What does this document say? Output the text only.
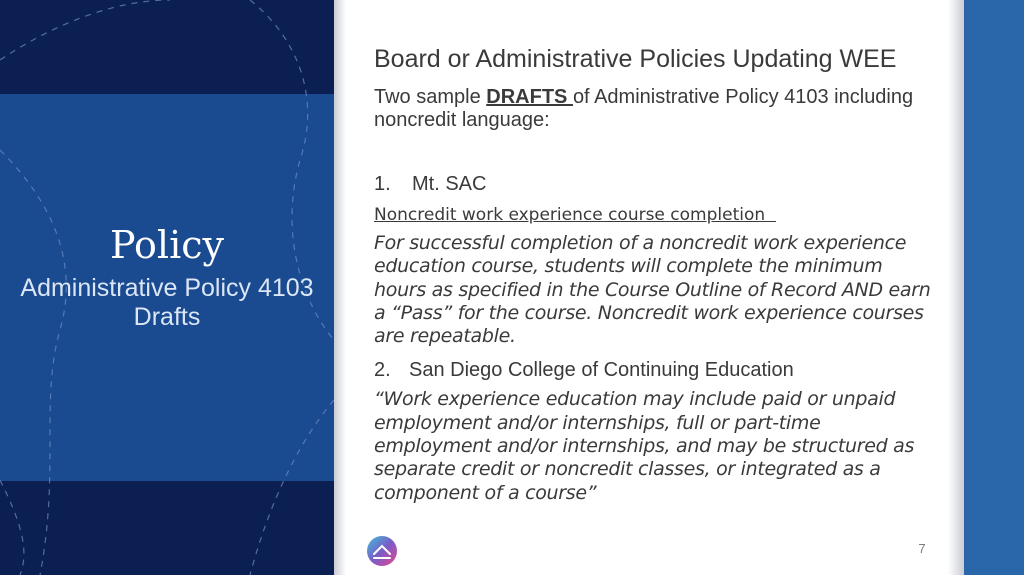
Policy
Administrative Policy 4103 Drafts

Board or Administrative Policies Updating WEE

Two sample DRAFTS of Administrative Policy 4103 including noncredit language:

1. Mt. SAC

Noncredit work experience course completion

For successful completion of a noncredit work experience education course, students will complete the minimum hours as specified in the Course Outline of Record AND earn a “Pass” for the course. Noncredit work experience courses are repeatable.

2. San Diego College of Continuing Education

“Work experience education may include paid or unpaid employment and/or internships, full or part-time employment and/or internships, and may be structured as separate credit or noncredit classes, or integrated as a component of a course”

7
